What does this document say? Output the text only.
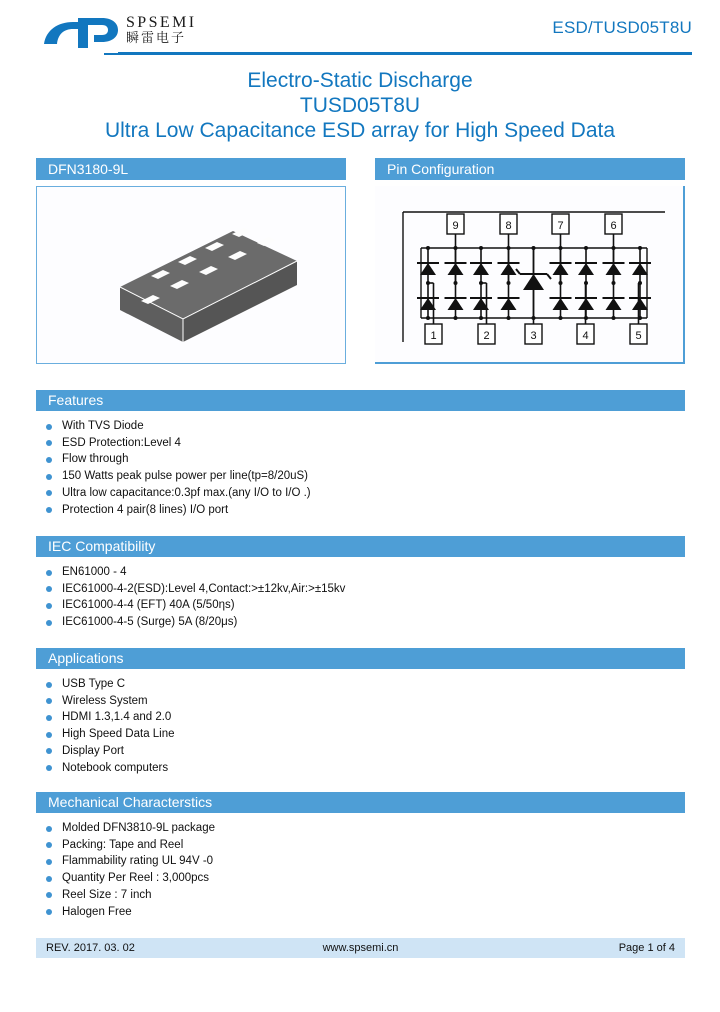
SPSEMI
瞬雷电子
ESD/TUSD05T8U
Electro-Static Discharge
TUSD05T8U
Ultra Low Capacitance ESD array for High Speed Data
DFN3180-9L	Pin Configuration
9	8	7	6
1	2	3	4	5
Features
With TVS Diode
ESD Protection:Level 4
Flow through
150 Watts peak pulse power per line(tp=8/20uS)
Ultra low capacitance:0.3pf max.(any I/O to I/O .)
Protection 4 pair(8 lines) I/O port
IEC Compatibility
EN61000 - 4
IEC61000-4-2(ESD):Level 4,Contact:>±12kv,Air:>±15kv
IEC61000-4-4 (EFT) 40A (5/50ηs)
IEC61000-4-5 (Surge) 5A (8/20μs)
Applications
USB Type C
Wireless System
HDMI 1.3,1.4 and 2.0
High Speed Data Line
Display Port
Notebook computers
Mechanical Characterstics
Molded DFN3810-9L package
Packing: Tape and Reel
Flammability rating UL 94V -0
Quantity Per Reel : 3,000pcs
Reel Size : 7 inch
Halogen Free
REV. 2017. 03. 02	www.spsemi.cn	Page 1 of 4
